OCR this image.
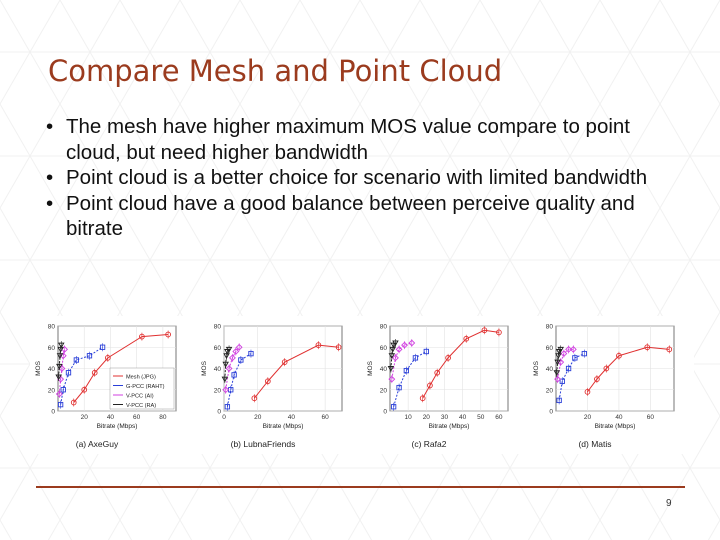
Compare Mesh and Point Cloud
• The mesh have higher maximum MOS value compare to point cloud, but need higher bandwidth
• Point cloud is a better choice for scenario with limited bandwidth
• Point cloud have a good balance between perceive quality and bitrate
0
20
40
60
80
20	40	60	80
Bitrate (Mbps)
MOS
Mesh (JPG)
G-PCC (RAHT)
V-PCC (AI)
V-PCC (RA)
(a) AxeGuy
0
20
40
60
80
0	20	40	60
Bitrate (Mbps)
MOS
(b) LubnaFriends
0
20
40
60
80
10 20 30 40 50 60
Bitrate (Mbps)
MOS
(c) Rafa2
0
20
40
60
80
20	40	60
Bitrate (Mbps)
MOS
(d) Matis
9
